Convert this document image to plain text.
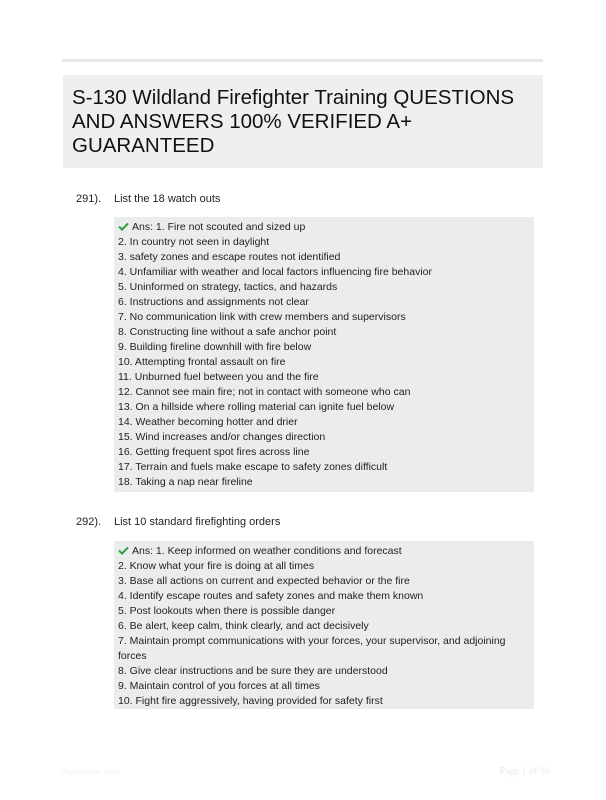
S-130 Wildland Firefighter Training QUESTIONS AND ANSWERS 100% VERIFIED A+ GUARANTEED
291). List the 18 watch outs
Ans: 1. Fire not scouted and sized up
2. In country not seen in daylight
3. safety zones and escape routes not identified
4. Unfamiliar with weather and local factors influencing fire behavior
5. Uninformed on strategy, tactics, and hazards
6. Instructions and assignments not clear
7. No communication link with crew members and supervisors
8. Constructing line without a safe anchor point
9. Building fireline downhill with fire below
10. Attempting frontal assault on fire
11. Unburned fuel between you and the fire
12. Cannot see main fire; not in contact with someone who can
13. On a hillside where rolling material can ignite fuel below
14. Weather becoming hotter and drier
15. Wind increases and/or changes direction
16. Getting frequent spot fires across line
17. Terrain and fuels make escape to safety zones difficult
18. Taking a nap near fireline
292). List 10 standard firefighting orders
Ans: 1. Keep informed on weather conditions and forecast
2. Know what your fire is doing at all times
3. Base all actions on current and expected behavior or the fire
4. Identify escape routes and safety zones and make them known
5. Post lookouts when there is possible danger
6. Be alert, keep calm, think clearly, and act decisively
7. Maintain prompt communications with your forces, your supervisor, and adjoining forces
8. Give clear instructions and be sure they are understood
9. Maintain control of you forces at all times
10. Fight fire aggressively, having provided for safety first
Paperlibre.com	Page 1 of 10
